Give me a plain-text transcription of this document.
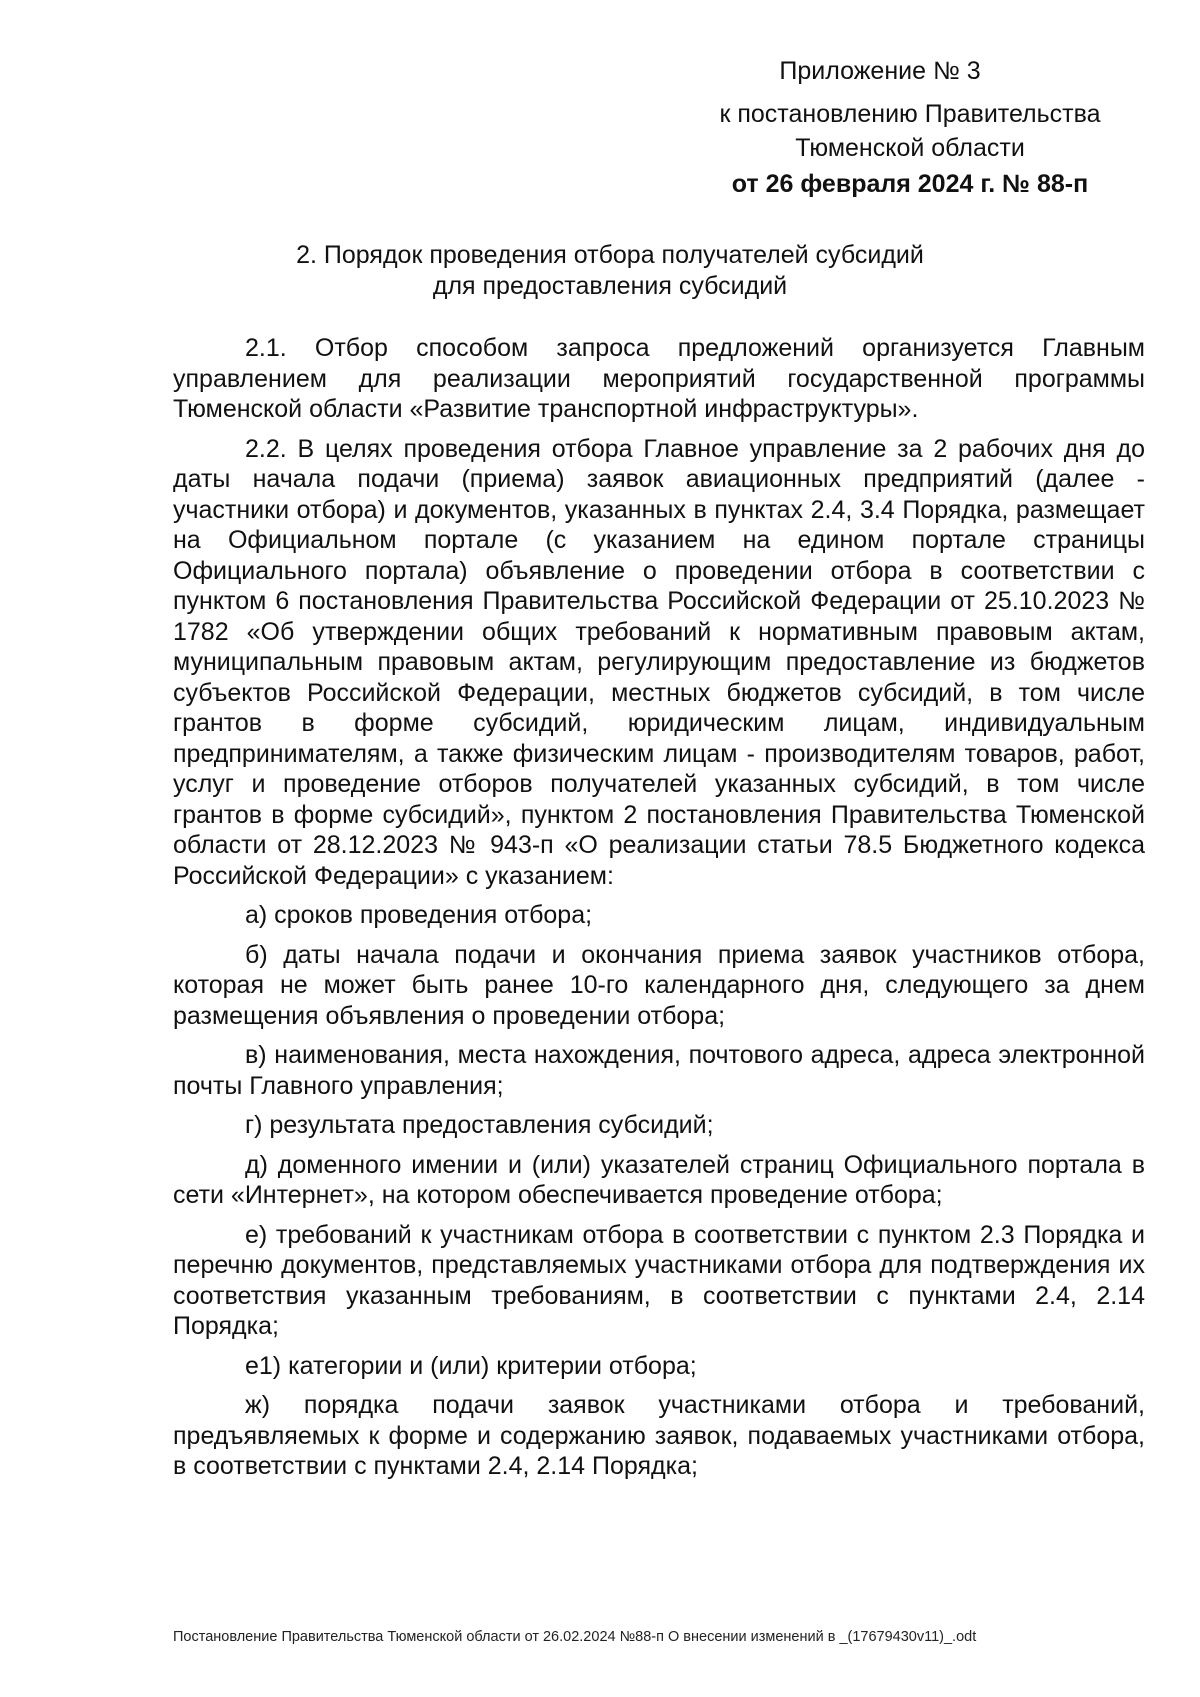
Приложение № 3
к постановлению Правительства
Тюменской области
от 26 февраля 2024 г. № 88-п
2. Порядок проведения отбора получателей субсидий
для предоставления субсидий

2.1. Отбор способом запроса предложений организуется Главным управлением для реализации мероприятий государственной программы Тюменской области «Развитие транспортной инфраструктуры».

2.2. В целях проведения отбора Главное управление за 2 рабочих дня до даты начала подачи (приема) заявок авиационных предприятий (далее - участники отбора) и документов, указанных в пунктах 2.4, 3.4 Порядка, размещает на Официальном портале (с указанием на едином портале страницы Официального портала) объявление о проведении отбора в соответствии с пунктом 6 постановления Правительства Российской Федерации от 25.10.2023 № 1782 «Об утверждении общих требований к нормативным правовым актам, муниципальным правовым актам, регулирующим предоставление из бюджетов субъектов Российской Федерации, местных бюджетов субсидий, в том числе грантов в форме субсидий, юридическим лицам, индивидуальным предпринимателям, а также физическим лицам - производителям товаров, работ, услуг и проведение отборов получателей указанных субсидий, в том числе грантов в форме субсидий», пунктом 2 постановления Правительства Тюменской области от 28.12.2023 № 943-п «О реализации статьи 78.5 Бюджетного кодекса Российской Федерации» с указанием:

а) сроков проведения отбора;

б) даты начала подачи и окончания приема заявок участников отбора, которая не может быть ранее 10-го календарного дня, следующего за днем размещения объявления о проведении отбора;

в) наименования, места нахождения, почтового адреса, адреса электронной почты Главного управления;

г) результата предоставления субсидий;

д) доменного имении и (или) указателей страниц Официального портала в сети «Интернет», на котором обеспечивается проведение отбора;

е) требований к участникам отбора в соответствии с пунктом 2.3 Порядка и перечню документов, представляемых участниками отбора для подтверждения их соответствия указанным требованиям, в соответствии с пунктами 2.4, 2.14 Порядка;

е1) категории и (или) критерии отбора;

ж) порядка подачи заявок участниками отбора и требований, предъявляемых к форме и содержанию заявок, подаваемых участниками отбора, в соответствии с пунктами 2.4, 2.14 Порядка;

Постановление Правительства Тюменской области от 26.02.2024 №88-п О внесении изменений в _(17679430v11)_.odt
